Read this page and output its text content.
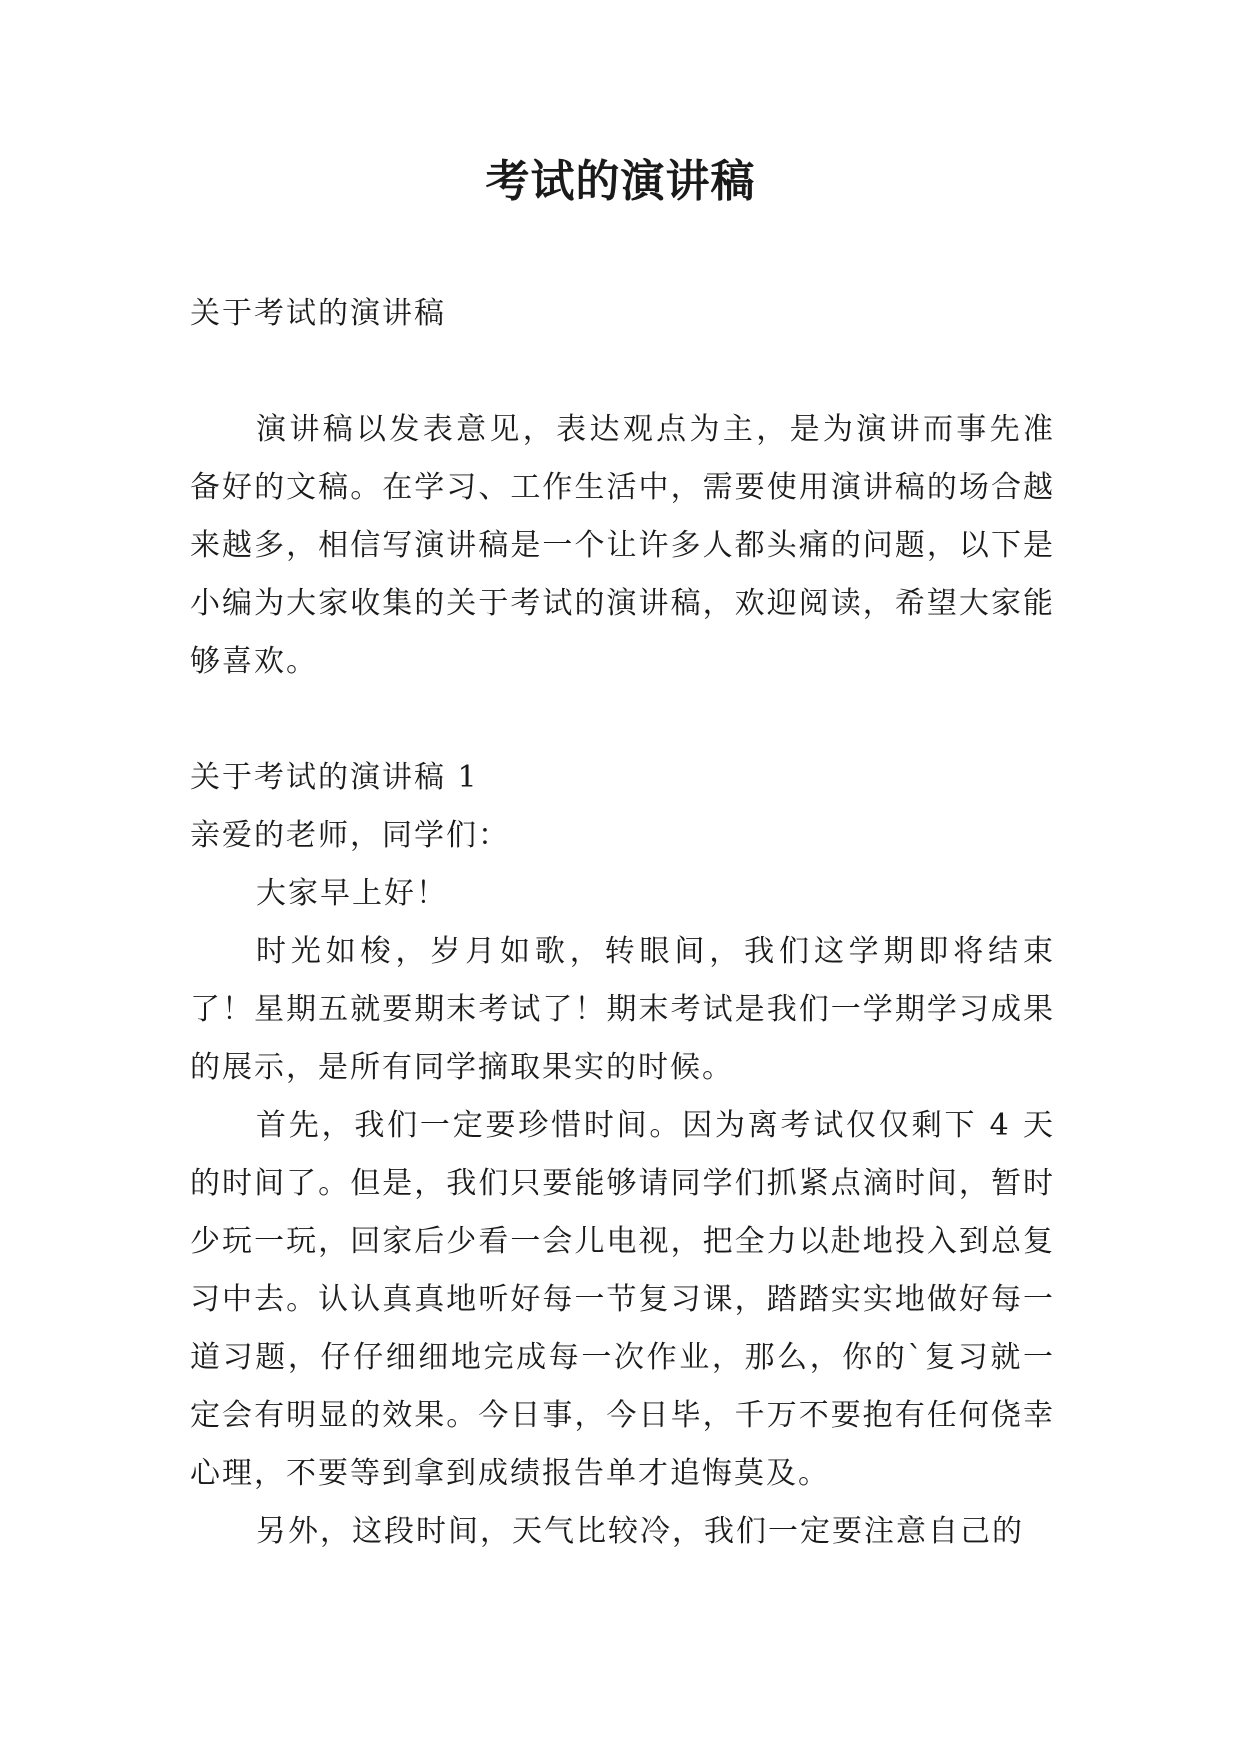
考试的演讲稿

关于考试的演讲稿

演讲稿以发表意见，表达观点为主，是为演讲而事先准备好的文稿。在学习、工作生活中，需要使用演讲稿的场合越来越多，相信写演讲稿是一个让许多人都头痛的问题，以下是小编为大家收集的关于考试的演讲稿，欢迎阅读，希望大家能够喜欢。

关于考试的演讲稿 1

亲爱的老师，同学们：

大家早上好！

时光如梭，岁月如歌，转眼间，我们这学期即将结束了！星期五就要期末考试了！期末考试是我们一学期学习成果的展示，是所有同学摘取果实的时候。

首先，我们一定要珍惜时间。因为离考试仅仅剩下 4 天的时间了。但是，我们只要能够请同学们抓紧点滴时间，暂时少玩一玩，回家后少看一会儿电视，把全力以赴地投入到总复习中去。认认真真地听好每一节复习课，踏踏实实地做好每一道习题，仔仔细细地完成每一次作业，那么，你的`复习就一定会有明显的效果。今日事，今日毕，千万不要抱有任何侥幸心理，不要等到拿到成绩报告单才追悔莫及。

另外，这段时间，天气比较冷，我们一定要注意自己的
